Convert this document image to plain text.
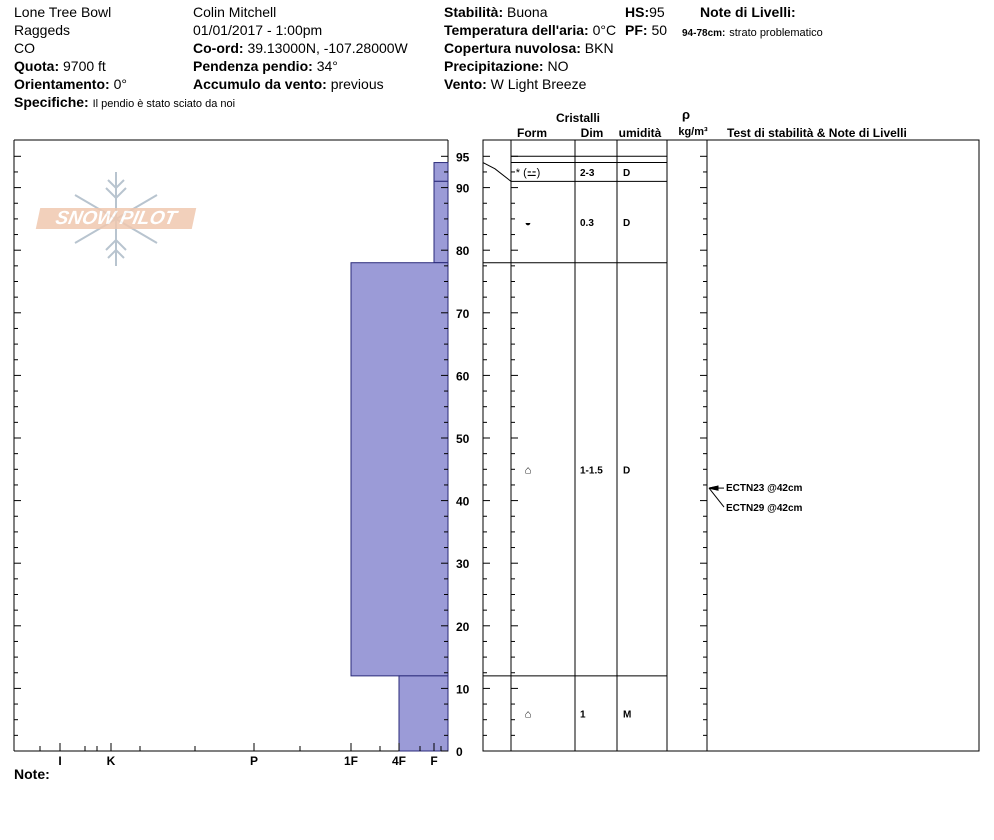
Lone Tree Bowl
Raggeds
CO
Quota: 9700 ft
Orientamento: 0°
Specifiche: Il pendio è stato sciato da noi
Colin Mitchell
01/01/2017 - 1:00pm
Co-ord: 39.13000N, -107.28000W
Pendenza pendio: 34°
Accumulo da vento: previous
Stabilità: Buona
Temperatura dell'aria: 0°C
Copertura nuvolosa: BKN
Precipitazione: NO
Vento: W Light Breeze
HS:95
PF: 50
Note di Livelli:
94-78cm: strato problematico
SNOW PILOT
0
10
20
30
40
50
60
70
80
90
95
I	K	P	1F	4F F
* (⚍)	2-3	D
◒	0.3	D
⌂	1-1.5 D
⌂	1	M
ECTN23 @42cm
ECTN29 @42cm
Cristalli
Form	Dim umidità
ρ
kg/m³ Test di stabilità & Note di Livelli
Note:
